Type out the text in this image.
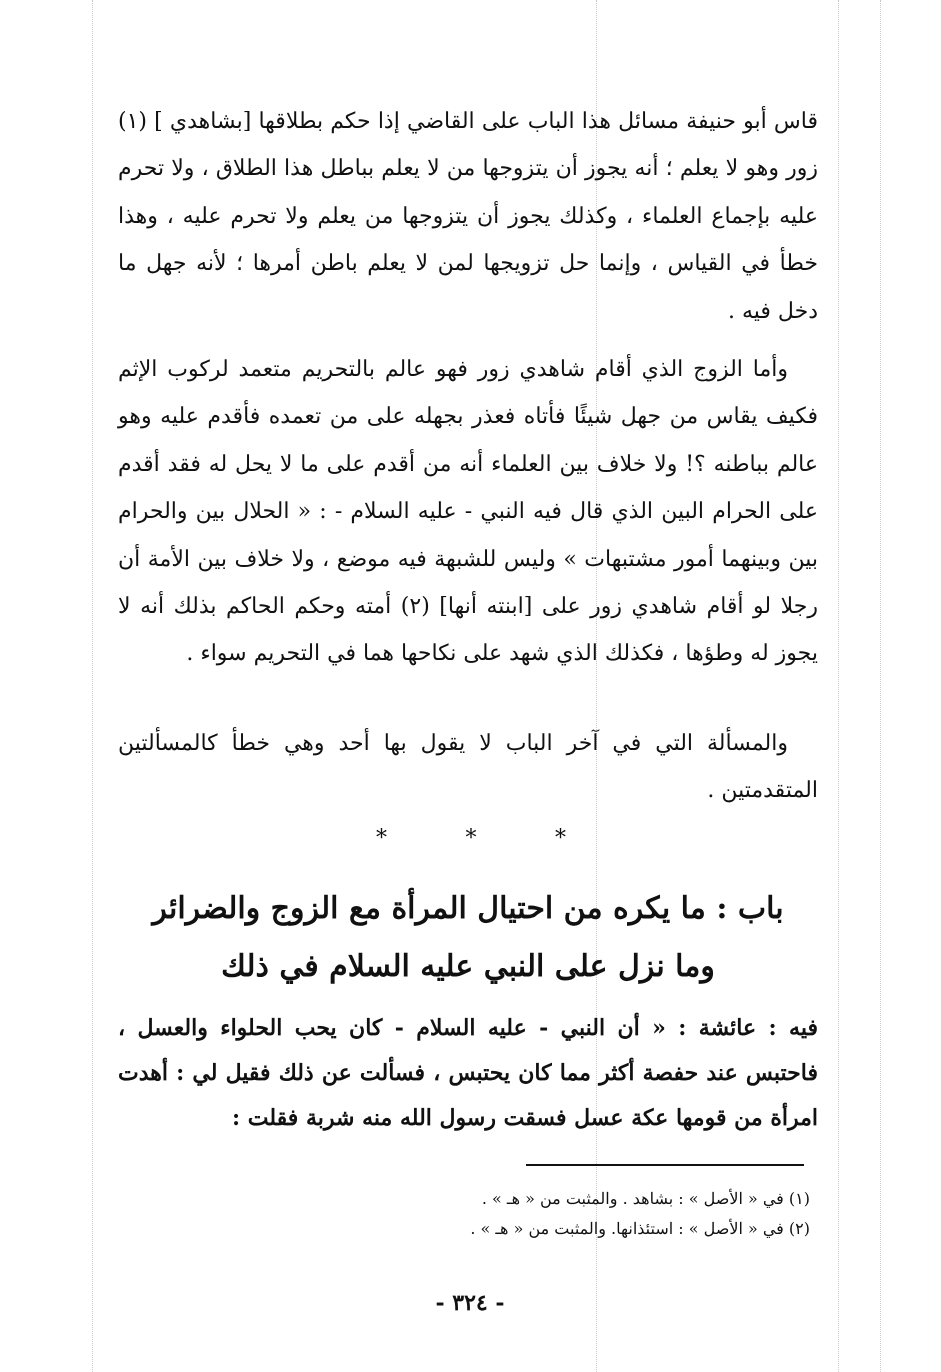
قاس أبو حنيفة مسائل هذا الباب على القاضي إذا حكم بطلاقها [بشاهدي ] (١) زور وهو لا يعلم ؛ أنه يجوز أن يتزوجها من لا يعلم بباطل هذا الطلاق ، ولا تحرم عليه بإجماع العلماء ، وكذلك يجوز أن يتزوجها من يعلم ولا تحرم عليه ، وهذا خطأ في القياس ، وإنما حل تزويجها لمن لا يعلم باطن أمرها ؛ لأنه جهل ما دخل فيه .

وأما الزوج الذي أقام شاهدي زور فهو عالم بالتحريم متعمد لركوب الإثم فكيف يقاس من جهل شيئًا فأتاه فعذر بجهله على من تعمده فأقدم عليه وهو عالم بباطنه ؟! ولا خلاف بين العلماء أنه من أقدم على ما لا يحل له فقد أقدم على الحرام البين الذي قال فيه النبي - عليه السلام - : « الحلال بين والحرام بين وبينهما أمور مشتبهات » وليس للشبهة فيه موضع ، ولا خلاف بين الأمة أن رجلا لو أقام شاهدي زور على [ابنته أنها] (٢) أمته وحكم الحاكم بذلك أنه لا يجوز له وطؤها ، فكذلك الذي شهد على نكاحها هما في التحريم سواء .

والمسألة التي في آخر الباب لا يقول بها أحد وهي خطأ كالمسألتين المتقدمتين .

*	*	*
باب : ما يكره من احتيال المرأة مع الزوج والضرائر
وما نزل على النبي عليه السلام في ذلك

فيه : عائشة : « أن النبي - عليه السلام - كان يحب الحلواء والعسل ، فاحتبس عند حفصة أكثر مما كان يحتبس ، فسألت عن ذلك فقيل لي : أهدت امرأة من قومها عكة عسل فسقت رسول الله منه شربة فقلت :

(١) في « الأصل » : بشاهد . والمثبت من « هـ » .

(٢) في « الأصل » : استئذانها. والمثبت من « هـ » .

- ٣٢٤ -
